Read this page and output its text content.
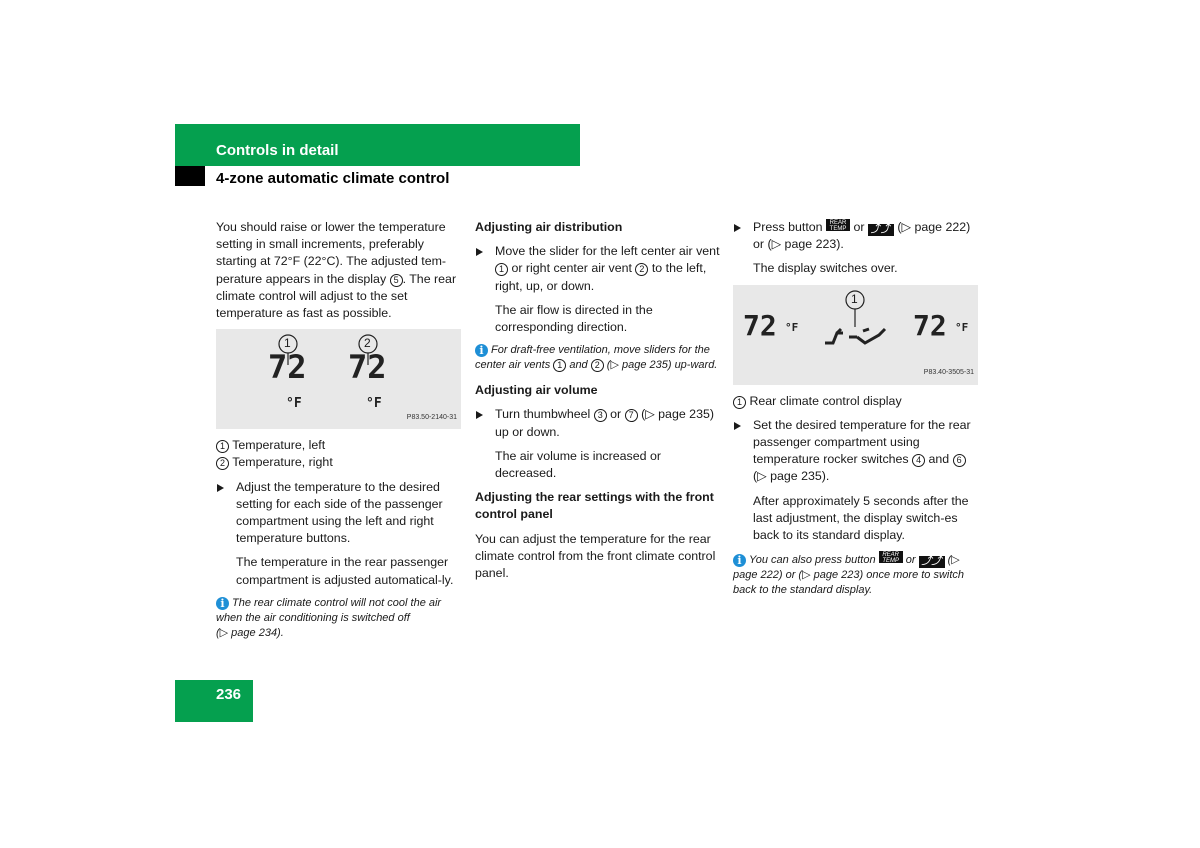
Controls in detail
4-zone automatic climate control

You should raise or lower the temperature setting in small increments, preferably starting at 72°F (22°C). The adjusted tem-perature appears in the display 5 . The rear climate control will adjust to the set temperature as fast as possible.

1	2
72 72
°F	°F
P83.50-2140-31

1 Temperature, left

2 Temperature, right

Adjust the temperature to the desired setting for each side of the passenger compartment using the left and right temperature buttons.

The temperature in the rear passenger compartment is adjusted automatical-ly.

i The rear climate control will not cool the air when the air conditioning is switched off
(▷ page 234).

Adjusting air distribution

Move the slider for the left center air vent 1 or right center air vent 2 to the left, right, up, or down.

The air flow is directed in the corresponding direction.

i For draft-free ventilation, move sliders for the center air vents 1 and 2 (▷ page 235) up-ward.

Adjusting air volume

Turn thumbwheel 3 or 7 (▷ page 235) up or down.

The air volume is increased or decreased.

Adjusting the rear settings with the front control panel

You can adjust the temperature for the rear climate control from the front climate control panel.

Press button REAR TEMP or ⤴⤴ (▷ page 222) or (▷ page 223).

The display switches over.

1
72 °F	72 °F
P83.40-3505-31

1 Rear climate control display

Set the desired temperature for the rear passenger compartment using temperature rocker switches 4 and 6 (▷ page 235).

After approximately 5 seconds after the last adjustment, the display switch-es back to its standard display.

i You can also press button REAR TEMP or ⤴⤴ (▷ page 222) or (▷ page 223) once more to switch back to the standard display.

236
